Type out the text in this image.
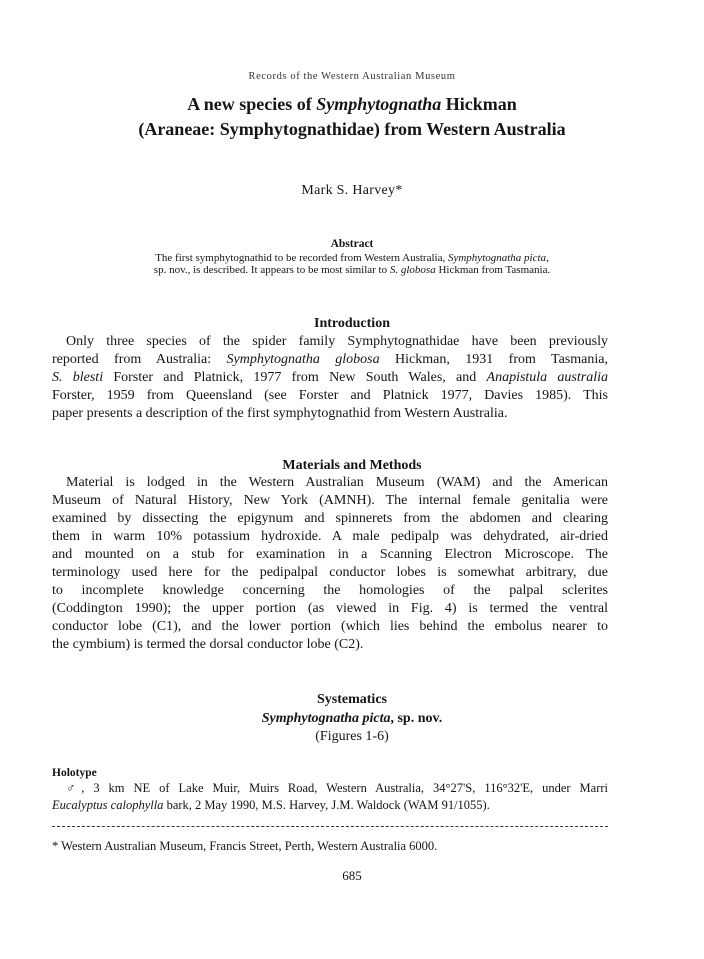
Records of the Western Australian Museum
A new species of Symphytognatha Hickman
(Araneae: Symphytognathidae) from Western Australia
Mark S. Harvey*
Abstract
The first symphytognathid to be recorded from Western Australia, Symphytognatha picta,
sp. nov., is described. It appears to be most similar to S. globosa Hickman from Tasmania.
Introduction
Only three species of the spider family Symphytognathidae have been previously
reported from Australia: Symphytognatha globosa Hickman, 1931 from Tasmania,
S. blesti Forster and Platnick, 1977 from New South Wales, and Anapistula australia
Forster, 1959 from Queensland (see Forster and Platnick 1977, Davies 1985). This
paper presents a description of the first symphytognathid from Western Australia.
Materials and Methods
Material is lodged in the Western Australian Museum (WAM) and the American
Museum of Natural History, New York (AMNH). The internal female genitalia were
examined by dissecting the epigynum and spinnerets from the abdomen and clearing
them in warm 10% potassium hydroxide. A male pedipalp was dehydrated, air-dried
and mounted on a stub for examination in a Scanning Electron Microscope. The
terminology used here for the pedipalpal conductor lobes is somewhat arbitrary, due
to incomplete knowledge concerning the homologies of the palpal sclerites
(Coddington 1990); the upper portion (as viewed in Fig. 4) is termed the ventral
conductor lobe (C1), and the lower portion (which lies behind the embolus nearer to
the cymbium) is termed the dorsal conductor lobe (C2).
Systematics
Symphytognatha picta, sp. nov.
(Figures 1-6)
Holotype
♂, 3 km NE of Lake Muir, Muirs Road, Western Australia, 34°27'S, 116°32'E, under Marri
Eucalyptus calophylla bark, 2 May 1990, M.S. Harvey, J.M. Waldock (WAM 91/1055).
* Western Australian Museum, Francis Street, Perth, Western Australia 6000.
685
